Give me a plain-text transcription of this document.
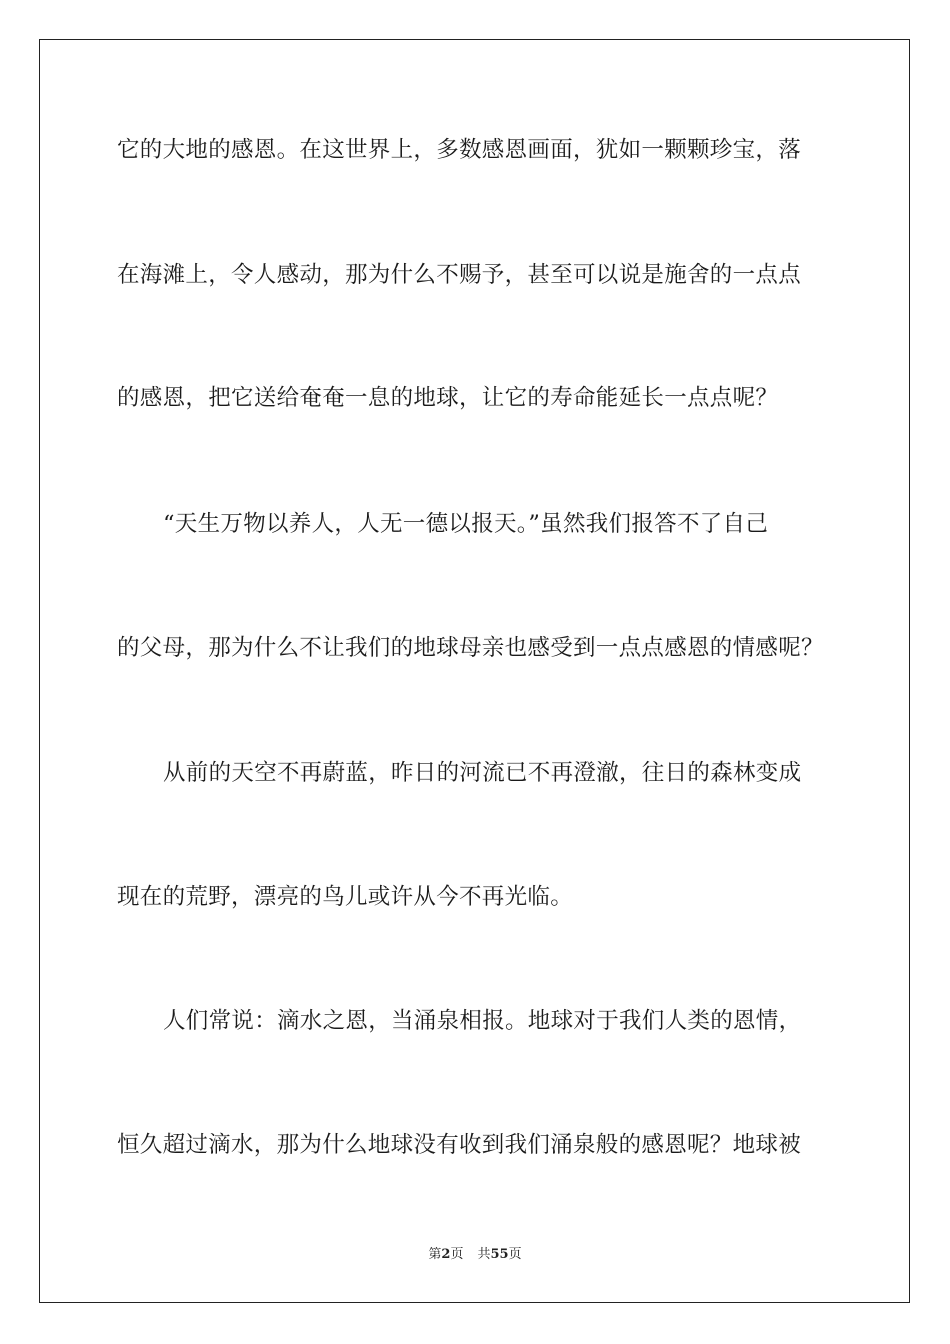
它的大地的感恩。在这世界上，多数感恩画面，犹如一颗颗珍宝，落
在海滩上，令人感动，那为什么不赐予，甚至可以说是施舍的一点点
的感恩，把它送给奄奄一息的地球，让它的寿命能延长一点点呢？
“天生万物以养人，人无一德以报天。”虽然我们报答不了自己
的父母，那为什么不让我们的地球母亲也感受到一点点感恩的情感呢？
从前的天空不再蔚蓝，昨日的河流已不再澄澈，往日的森林变成
现在的荒野，漂亮的鸟儿或许从今不再光临。
人们常说：滴水之恩，当涌泉相报。地球对于我们人类的恩情，
恒久超过滴水，那为什么地球没有收到我们涌泉般的感恩呢？地球被
第2页 共55页
